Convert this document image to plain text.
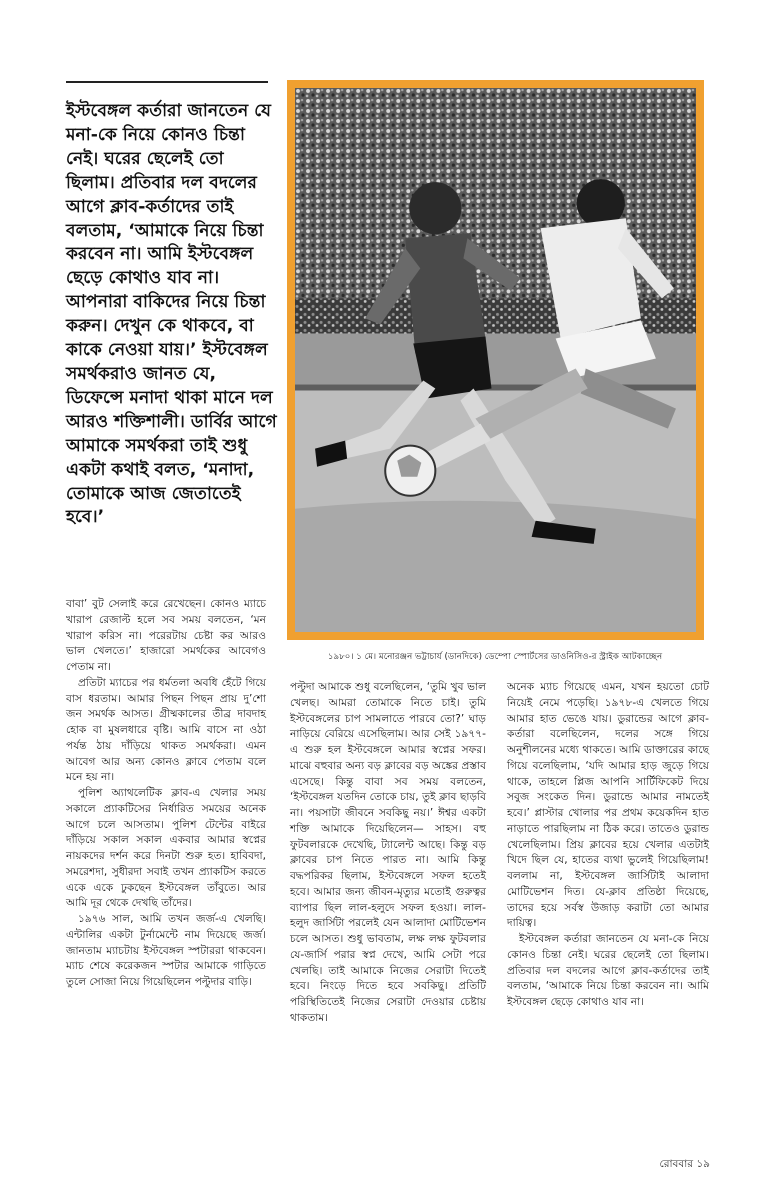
ইস্টবেঙ্গল কর্তারা জানতেন যে মনা-কে নিয়ে কোনও চিন্তা নেই। ঘরের ছেলেই তো ছিলাম। প্রতিবার দল বদলের আগে ক্লাব-কর্তাদের তাই বলতাম, ‘আমাকে নিয়ে চিন্তা করবেন না। আমি ইস্টবেঙ্গল ছেড়ে কোথাও যাব না। আপনারা বাকিদের নিয়ে চিন্তা করুন। দেখুন কে থাকবে, বা কাকে নেওয়া যায়।’ ইস্টবেঙ্গল সমর্থকরাও জানত যে, ডিফেন্সে মনাদা থাকা মানে দল আরও শক্তিশালী। ডার্বির আগে আমাকে সমর্থকরা তাই শুধু একটা কথাই বলত, ‘মনাদা, তোমাকে আজ জেতাতেই হবে।’
১৯৮০। ১ মে। মনোরঞ্জন ভট্টাচার্য (ডানদিকে) ডেম্পো স্পোর্টসের ডাওনিসিও-র স্ট্রাইক আটকাচ্ছেন

বাবা’ বুট সেলাই করে রেখেছেন। কোনও ম্যাচে খারাপ রেজাল্ট হলে সব সময় বলতেন, ‘মন খারাপ করিস না। পরেরটায় চেষ্টা কর আরও ভাল খেলতে।’ হাজারো সমর্থকের আবেগও পেতাম না।

প্রতিটা ম্যাচের পর ধর্মতলা অবধি হেঁটে গিয়ে বাস ধরতাম। আমার পিছন পিছন প্রায় দু’শো জন সমর্থক আসত। গ্রীষ্মকালের তীব্র দাবদাহ হোক বা মুষলধারে বৃষ্টি। আমি বাসে না ওঠা পর্যন্ত ঠায় দাঁড়িয়ে থাকত সমর্থকরা। এমন আবেগ আর অন্য কোনও ক্লাবে পেতাম বলে মনে হয় না।

পুলিশ অ্যাথলেটিক ক্লাব-এ খেলার সময় সকালে প্র্যাকটিসের নির্ধারিত সময়ের অনেক আগে চলে আসতাম। পুলিশ টেন্টের বাইরে দাঁড়িয়ে সকাল সকাল একবার আমার স্বপ্নের নায়কদের দর্শন করে দিনটা শুরু হত। হাবিবদা, সমরেশদা, সুধীরদা সবাই তখন প্র্যাকটিস করতে একে একে ঢুকছেন ইস্টবেঙ্গল তাঁবুতে। আর আমি দূর থেকে দেখছি তাঁদের।

১৯৭৬ সাল, আমি তখন জর্জ-এ খেলছি। এন্টালির একটা টুর্নামেন্টে নাম দিয়েছে জর্জ। জানতাম ম্যাচটায় ইস্টবেঙ্গল স্পটাররা থাকবেন। ম্যাচ শেষে করেকজন স্পটার আমাকে গাড়িতে তুলে সোজা নিয়ে গিয়েছিলেন পল্টুদার বাড়ি।

পল্টুদা আমাকে শুধু বলেছিলেন, ‘তুমি খুব ভাল খেলছ। আমরা তোমাকে নিতে চাই। তুমি ইস্টবেঙ্গলের চাপ সামলাতে পারবে তো?’ ঘাড় নাড়িয়ে বেরিয়ে এসেছিলাম। আর সেই ১৯৭৭-এ শুরু হল ইস্টবেঙ্গলে আমার স্বপ্নের সফর। মাঝে বহুবার অন্য বড় ক্লাবের বড় অঙ্কের প্রস্তাব এসেছে। কিন্তু বাবা সব সময় বলতেন, ‘ইস্টবেঙ্গল যতদিন তোকে চায়, তুই ক্লাব ছাড়বি না। পয়সাটা জীবনে সবকিছু নয়।’ ঈশ্বর একটা শক্তি আমাকে দিয়েছিলেন— সাহস। বহু ফুটবলারকে দেখেছি, ট্যালেন্ট আছে। কিন্তু বড় ক্লাবের চাপ নিতে পারত না। আমি কিন্তু বদ্ধপরিকর ছিলাম, ইস্টবেঙ্গলে সফল হতেই হবে। আমার জন্য জীবন-মৃত্যুর মতোই গুরুত্বর ব্যাপার ছিল লাল-হলুদে সফল হওয়া। লাল-হলুদ জার্সিটা পরলেই যেন আলাদা মোটিভেশন চলে আসত। শুধু ভাবতাম, লক্ষ লক্ষ ফুটবলার যে-জার্সি পরার স্বপ্ন দেখে, আমি সেটা পরে খেলছি। তাই আমাকে নিজের সেরাটা দিতেই হবে। নিংড়ে দিতে হবে সবকিছু। প্রতিটি পরিস্থিতিতেই নিজের সেরাটা দেওয়ার চেষ্টায় থাকতাম।

অনেক ম্যাচ গিয়েছে এমন, যখন হয়তো চোট নিয়েই নেমে পড়েছি। ১৯৭৮-এ খেলতে গিয়ে আমার হাত ভেঙে যায়। ডুরান্ডের আগে ক্লাব-কর্তারা বলেছিলেন, দলের সঙ্গে গিয়ে অনুশীলনের মধ্যে থাকতে। আমি ডাক্তারের কাছে গিয়ে বলেছিলাম, ‘যদি আমার হাড় জুড়ে গিয়ে থাকে, তাহলে প্লিজ আপনি সার্টিফিকেট দিয়ে সবুজ সংকেত দিন। ডুরান্ডে আমার নামতেই হবে।’ প্লাস্টার খোলার পর প্রথম কয়েকদিন হাত নাড়াতে পারছিলাম না ঠিক করে। তাতেও ডুরান্ড খেলেছিলাম। প্রিয় ক্লাবের হয়ে খেলার এতটাই খিদে ছিল যে, হাতের ব্যথা ভুলেই গিয়েছিলাম! বললাম না, ইস্টবেঙ্গল জার্সিটাই আলাদা মোটিভেশন দিত। যে-ক্লাব প্রতিষ্ঠা দিয়েছে, তাদের হয়ে সর্বস্ব উজাড় করাটা তো আমার দায়িত্ব।

ইস্টবেঙ্গল কর্তারা জানতেন যে মনা-কে নিয়ে কোনও চিন্তা নেই। ঘরের ছেলেই তো ছিলাম। প্রতিবার দল বদলের আগে ক্লাব-কর্তাদের তাই বলতাম, ‘আমাকে নিয়ে চিন্তা করবেন না। আমি ইস্টবেঙ্গল ছেড়ে কোথাও যাব না।

রোববার ১৯
